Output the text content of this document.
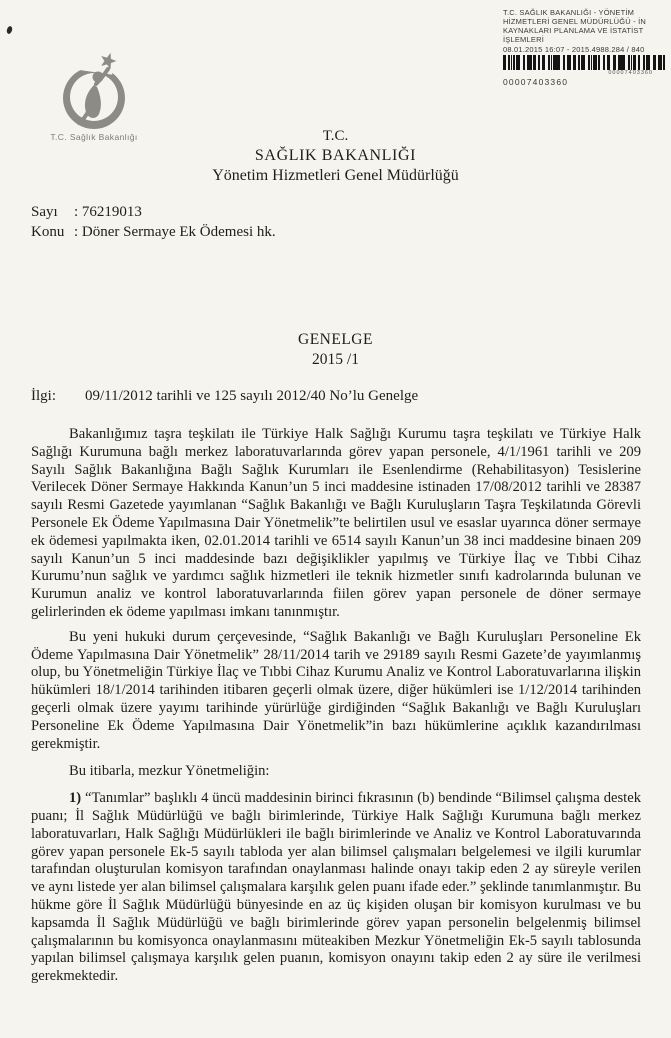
T.C. SAĞLIK BAKANLIĞI - YÖNETİM
HİZMETLERİ GENEL MÜDÜRLÜĞÜ - İN
KAYNAKLARI PLANLAMA VE İSTATİST
İŞLEMLERİ
08.01.2015 16:07 - 2015.4988.284 / 840
00007403360
00007403360
T.C. Sağlık Bakanlığı	T.C.
SAĞLIK BAKANLIĞI
Yönetim Hizmetleri Genel Müdürlüğü
Sayı	: 76219013
Konu : Döner Sermaye Ek Ödemesi hk.
GENELGE
2015 /1
İlgi:	09/11/2012 tarihli ve 125 sayılı 2012/40 No’lu Genelge

Bakanlığımız taşra teşkilatı ile Türkiye Halk Sağlığı Kurumu taşra teşkilatı ve Türkiye Halk Sağlığı Kurumuna bağlı merkez laboratuvarlarında görev yapan personele, 4/1/1961 tarihli ve 209 Sayılı Sağlık Bakanlığına Bağlı Sağlık Kurumları ile Esenlendirme (Rehabilitasyon) Tesislerine Verilecek Döner Sermaye Hakkında Kanun’un 5 inci maddesine istinaden 17/08/2012 tarihli ve 28387 sayılı Resmi Gazetede yayımlanan “Sağlık Bakanlığı ve Bağlı Kuruluşların Taşra Teşkilatında Görevli Personele Ek Ödeme Yapılmasına Dair Yönetmelik”te belirtilen usul ve esaslar uyarınca döner sermaye ek ödemesi yapılmakta iken, 02.01.2014 tarihli ve 6514 sayılı Kanun’un 38 inci maddesine binaen 209 sayılı Kanun’un 5 inci maddesinde bazı değişiklikler yapılmış ve Türkiye İlaç ve Tıbbi Cihaz Kurumu’nun sağlık ve yardımcı sağlık hizmetleri ile teknik hizmetler sınıfı kadrolarında bulunan ve Kurumun analiz ve kontrol laboratuvarlarında fiilen görev yapan personele de döner sermaye gelirlerinden ek ödeme yapılması imkanı tanınmıştır.

Bu yeni hukuki durum çerçevesinde, “Sağlık Bakanlığı ve Bağlı Kuruluşları Personeline Ek Ödeme Yapılmasına Dair Yönetmelik” 28/11/2014 tarih ve 29189 sayılı Resmi Gazete’de yayımlanmış olup, bu Yönetmeliğin Türkiye İlaç ve Tıbbi Cihaz Kurumu Analiz ve Kontrol Laboratuvarlarına ilişkin hükümleri 18/1/2014 tarihinden itibaren geçerli olmak üzere, diğer hükümleri ise 1/12/2014 tarihinden geçerli olmak üzere yayımı tarihinde yürürlüğe girdiğinden “Sağlık Bakanlığı ve Bağlı Kuruluşları Personeline Ek Ödeme Yapılmasına Dair Yönetmelik”in bazı hükümlerine açıklık kazandırılması gerekmiştir.

Bu itibarla, mezkur Yönetmeliğin:

1) “Tanımlar” başlıklı 4 üncü maddesinin birinci fıkrasının (b) bendinde “Bilimsel çalışma destek puanı; İl Sağlık Müdürlüğü ve bağlı birimlerinde, Türkiye Halk Sağlığı Kurumuna bağlı merkez laboratuvarları, Halk Sağlığı Müdürlükleri ile bağlı birimlerinde ve Analiz ve Kontrol Laboratuvarında görev yapan personele Ek-5 sayılı tabloda yer alan bilimsel çalışmaları belgelemesi ve ilgili kurumlar tarafından oluşturulan komisyon tarafından onaylanması halinde onayı takip eden 2 ay süreyle verilen ve aynı listede yer alan bilimsel çalışmalara karşılık gelen puanı ifade eder.” şeklinde tanımlanmıştır. Bu hükme göre İl Sağlık Müdürlüğü bünyesinde en az üç kişiden oluşan bir komisyon kurulması ve bu kapsamda İl Sağlık Müdürlüğü ve bağlı birimlerinde görev yapan personelin belgelenmiş bilimsel çalışmalarının bu komisyonca onaylanmasını müteakiben Mezkur Yönetmeliğin Ek-5 sayılı tablosunda yapılan bilimsel çalışmaya karşılık gelen puanın, komisyon onayını takip eden 2 ay süre ile verilmesi gerekmektedir.
